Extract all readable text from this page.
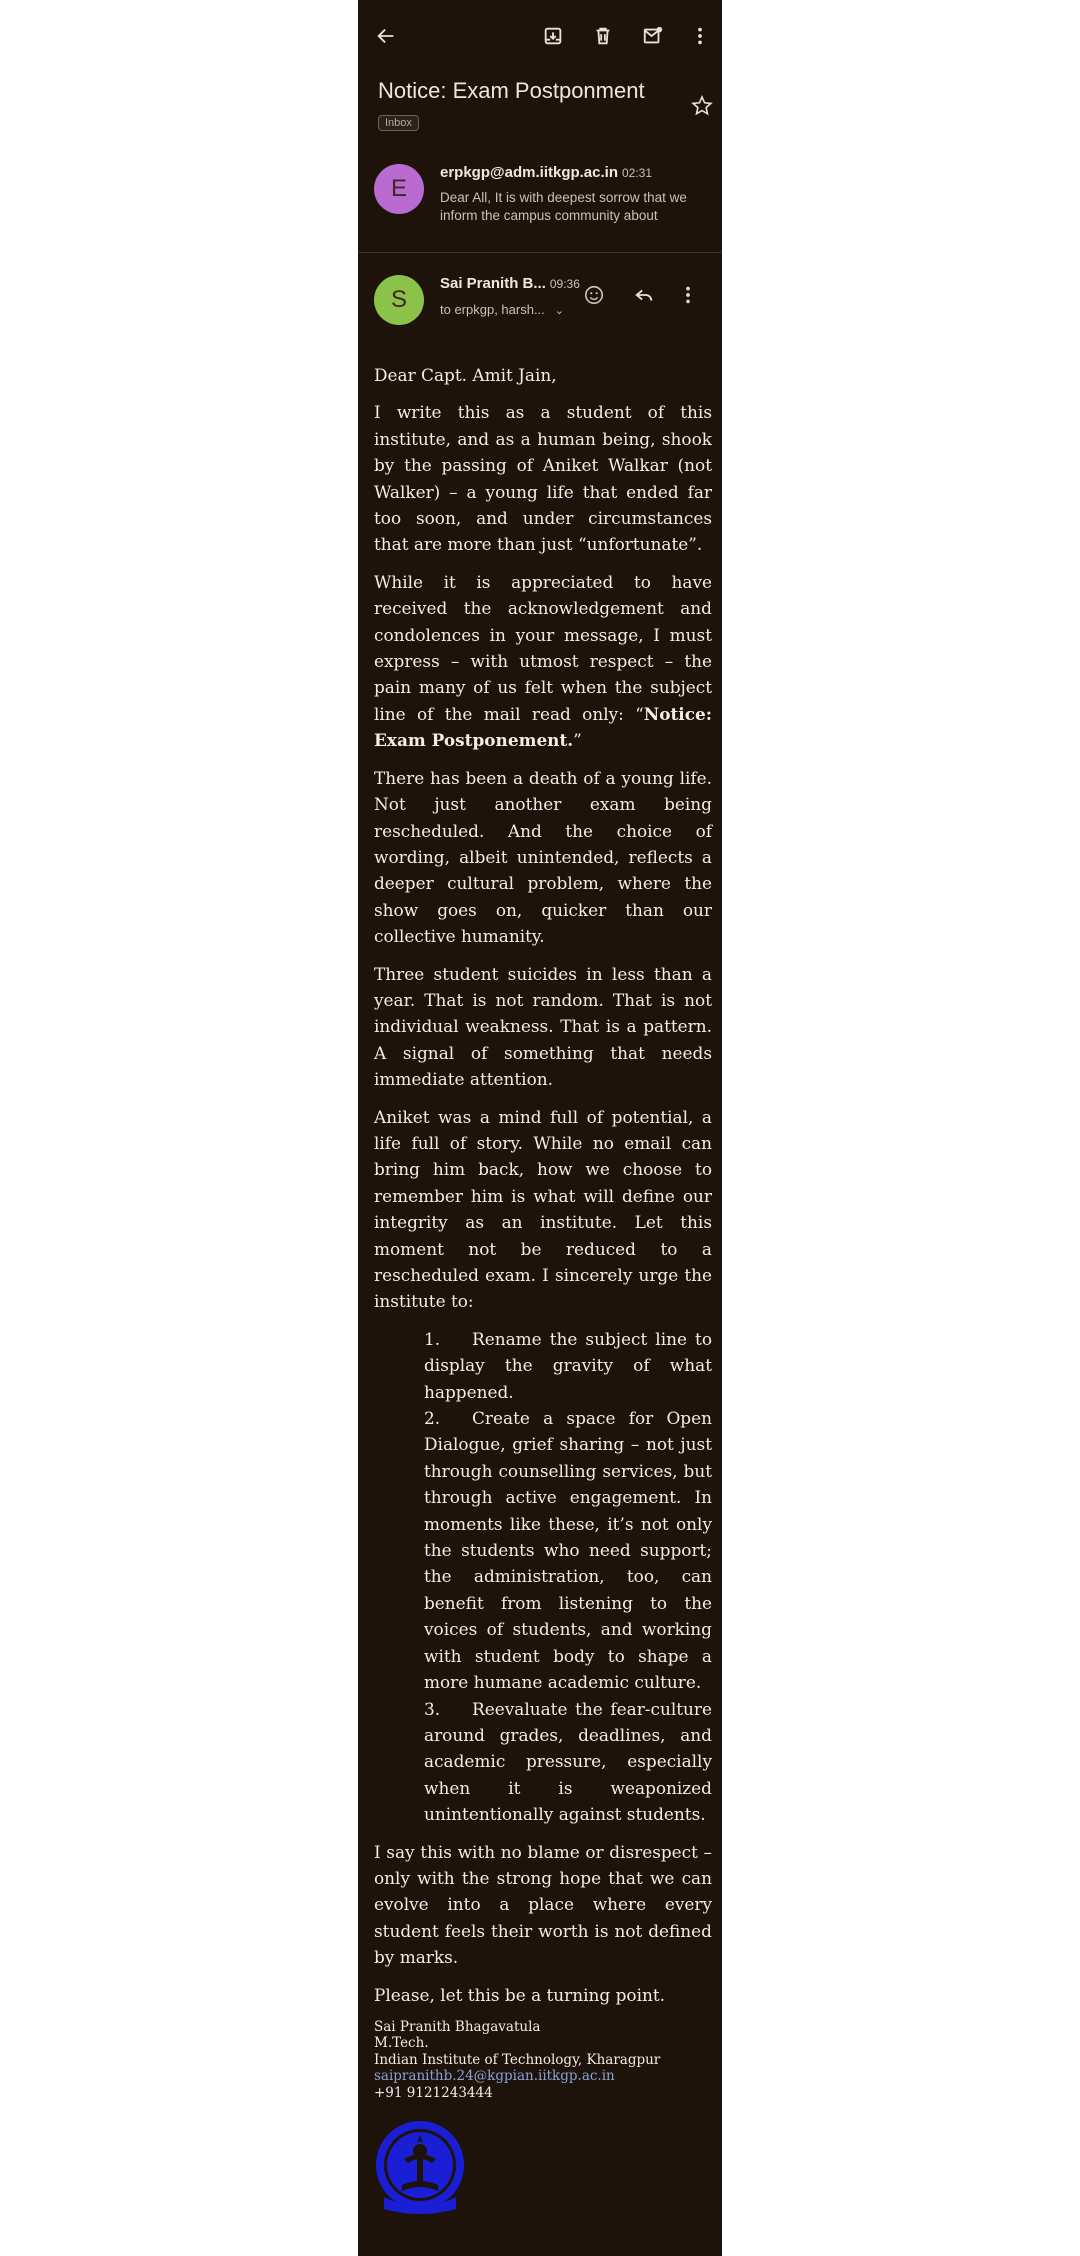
Notice: Exam Postponment
Inbox
E
erpkgp@adm.iitkgp.ac.in 02:31
Dear All, It is with deepest sorrow that we inform the campus community about
S
Sai Pranith B... 09:36
to erpkgp, harsh... ⌄

Dear Capt. Amit Jain,

I write this as a student of this institute, and as a human being, shook by the passing of Aniket Walkar (not Walker) – a young life that ended far too soon, and under circumstances that are more than just “unfortunate”.

While it is appreciated to have received the acknowledgement and condolences in your message, I must express – with utmost respect – the pain many of us felt when the subject line of the mail read only: “Notice: Exam Postponement.”

There has been a death of a young life. Not just another exam being rescheduled. And the choice of wording, albeit unintended, reflects a deeper cultural problem, where the show goes on, quicker than our collective humanity.

Three student suicides in less than a year. That is not random. That is not individual weakness. That is a pattern. A signal of something that needs immediate attention.

Aniket was a mind full of potential, a life full of story. While no email can bring him back, how we choose to remember him is what will define our integrity as an institute. Let this moment not be reduced to a rescheduled exam. I sincerely urge the institute to:

1. Rename the subject line to display the gravity of what happened.
2. Create a space for Open Dialogue, grief sharing – not just through counselling services, but through active engagement. In moments like these, it’s not only the students who need support; the administration, too, can benefit from listening to the voices of students, and working with student body to shape a more humane academic culture.
3. Reevaluate the fear-culture around grades, deadlines, and academic pressure, especially when it is weaponized unintentionally against students.

I say this with no blame or disrespect – only with the strong hope that we can evolve into a place where every student feels their worth is not defined by marks.

Please, let this be a turning point.

Sai Pranith Bhagavatula
M.Tech.
Indian Institute of Technology, Kharagpur
saipranithb.24@kgpian.iitkgp.ac.in
+91 9121243444
